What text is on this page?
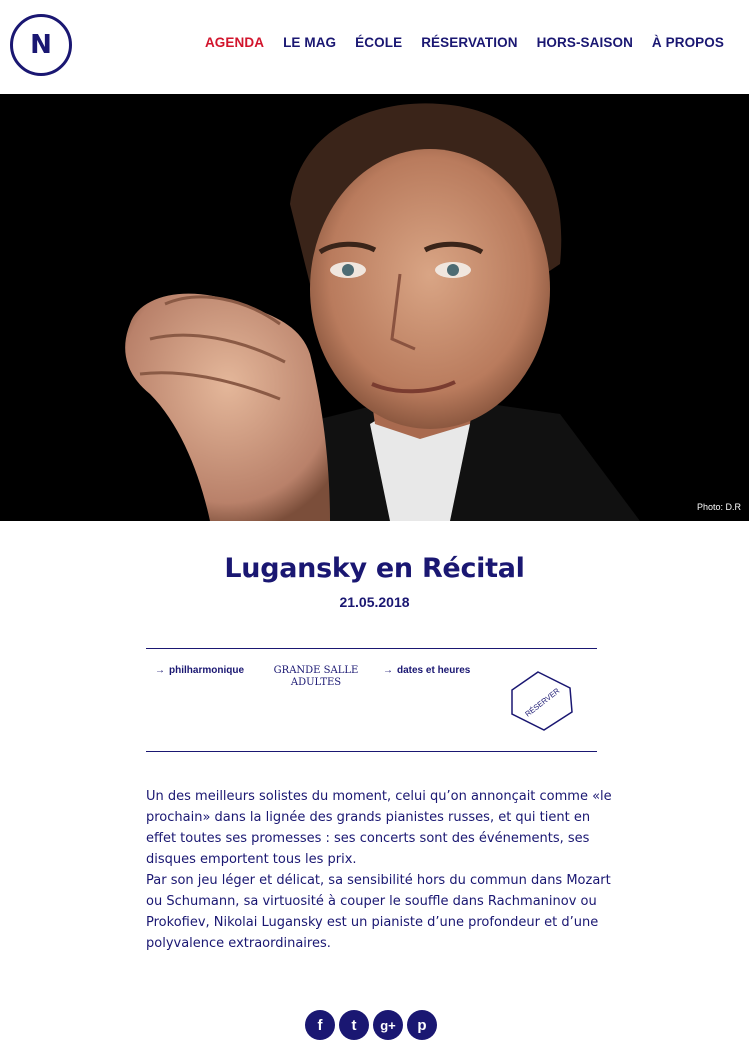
N	AGENDA LE MAG ÉCOLE RÉSERVATION HORS-SAISON À PROPOS
Photo: D.R
Lugansky en Récital
21.05.2018
→ philharmonique	GRANDE SALLE
ADULTES
→ dates et heures
RÉSERVER

Un des meilleurs solistes du moment, celui qu’on annonçait comme «le prochain» dans la lignée des grands pianistes russes, et qui tient en effet toutes ses promesses : ses concerts sont des événements, ses disques emportent tous les prix.

Par son jeu léger et délicat, sa sensibilité hors du commun dans Mozart ou Schumann, sa virtuosité à couper le souffle dans Rachmaninov ou Prokofiev, Nikolai Lugansky est un pianiste d’une profondeur et d’une polyvalence extraordinaires.

f	t	g+	p
